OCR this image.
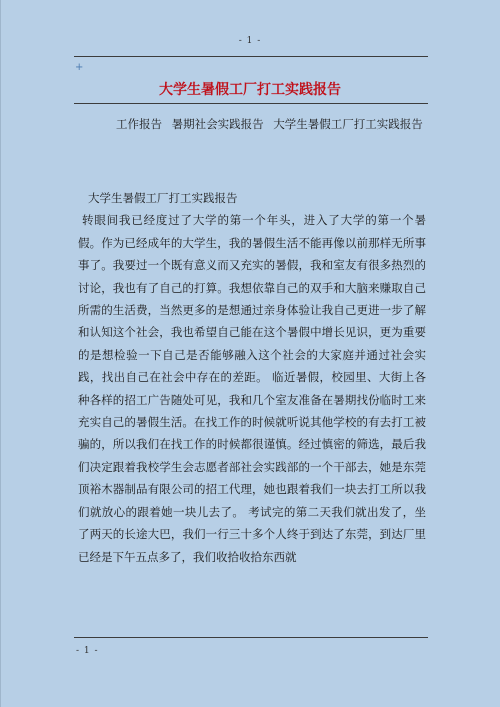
- 1 -
+
大学生暑假工厂打工实践报告
工作报告 暑期社会实践报告 大学生暑假工厂打工实践报告
大学生暑假工厂打工实践报告
转眼间我已经度过了大学的第一个年头，进入了大学的第一个暑假。作为已经成年的大学生，我的暑假生活不能再像以前那样无所事事了。我要过一个既有意义而又充实的暑假，我和室友有很多热烈的讨论，我也有了自己的打算。我想依靠自己的双手和大脑来赚取自己所需的生活费，当然更多的是想通过亲身体验让我自己更进一步了解和认知这个社会，我也希望自己能在这个暑假中增长见识，更为重要的是想检验一下自己是否能够融入这个社会的大家庭并通过社会实践，找出自己在社会中存在的差距。 临近暑假，校园里、大街上各种各样的招工广告随处可见，我和几个室友准备在暑期找份临时工来充实自己的暑假生活。在找工作的时候就听说其他学校的有去打工被骗的，所以我们在找工作的时候都很谨慎。经过慎密的筛选，最后我们决定跟着我校学生会志愿者部社会实践部的一个干部去，她是东莞顶裕木器制品有限公司的招工代理，她也跟着我们一块去打工所以我们就放心的跟着她一块儿去了。 考试完的第二天我们就出发了，坐了两天的长途大巴，我们一行三十多个人终于到达了东莞，到达厂里已经是下午五点多了，我们收拾收拾东西就
- 1 -
